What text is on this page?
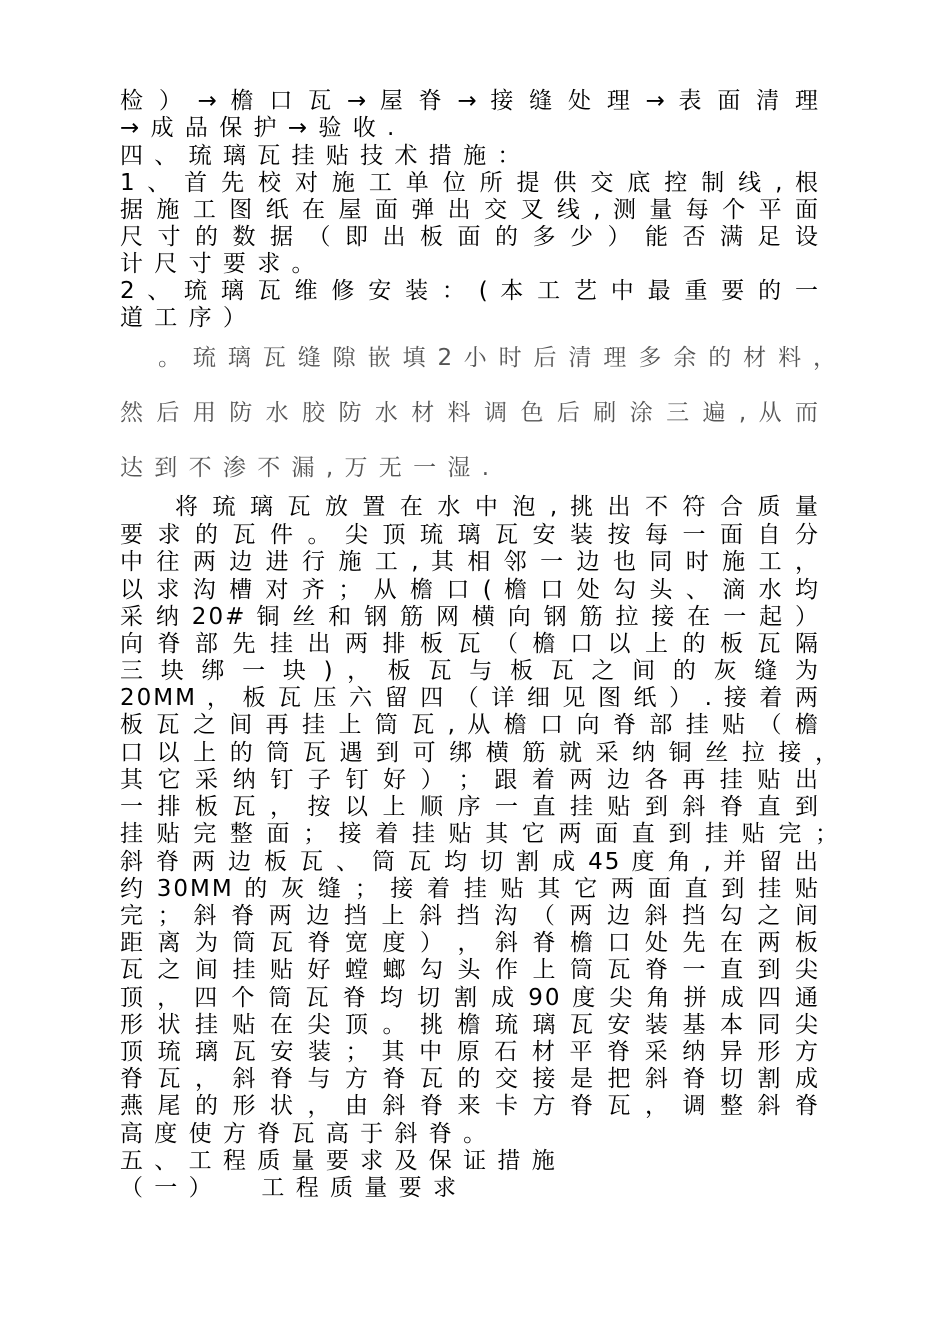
检 ） → 檐 口 瓦 → 屋 脊 → 接 缝 处 理 → 表 面 清 理
→ 成 品 保 护 → 验 收 .
四 、 琉 璃 瓦 挂 贴 技 术 措 施 ：
1 、 首 先 校 对 施 工 单 位 所 提 供 交 底 控 制 线 , 根
据 施 工 图 纸 在 屋 面 弹 出 交 叉 线 , 测 量 每 个 平 面
尺 寸 的 数 据 （ 即 出 板 面 的 多 少 ） 能 否 满 足 设
计 尺 寸 要 求 。
2 、 琉 璃 瓦 维 修 安 装 ： ( 本 工 艺 中 最 重 要 的 一
道 工 序 ）
。 琉 璃 瓦 缝 隙 嵌 填 2 小 时 后 清 理 多 余 的 材 料 ，
然 后 用 防 水 胶 防 水 材 料 调 色 后 刷 涂 三 遍 , 从 而
达 到 不 渗 不 漏 , 万 无 一 湿 .
将 琉 璃 瓦 放 置 在 水 中 泡 , 挑 出 不 符 合 质 量
要 求 的 瓦 件 。 尖 顶 琉 璃 瓦 安 装 按 每 一 面 自 分
中 往 两 边 进 行 施 工 , 其 相 邻 一 边 也 同 时 施 工 ，
以 求 沟 槽 对 齐 ； 从 檐 口 ( 檐 口 处 勾 头 、 滴 水 均
采 纳 20# 铜 丝 和 钢 筋 网 横 向 钢 筋 拉 接 在 一 起 ）
向 脊 部 先 挂 出 两 排 板 瓦 （ 檐 口 以 上 的 板 瓦 隔
三 块 绑 一 块 ) ， 板 瓦 与 板 瓦 之 间 的 灰 缝 为
20MM ， 板 瓦 压 六 留 四 （ 详 细 见 图 纸 ） . 接 着 两
板 瓦 之 间 再 挂 上 筒 瓦 , 从 檐 口 向 脊 部 挂 贴 （ 檐
口 以 上 的 筒 瓦 遇 到 可 绑 横 筋 就 采 纳 铜 丝 拉 接 ，
其 它 采 纳 钉 子 钉 好 ） ； 跟 着 两 边 各 再 挂 贴 出
一 排 板 瓦 ， 按 以 上 顺 序 一 直 挂 贴 到 斜 脊 直 到
挂 贴 完 整 面 ； 接 着 挂 贴 其 它 两 面 直 到 挂 贴 完 ；
斜 脊 两 边 板 瓦 、 筒 瓦 均 切 割 成 45 度 角 , 并 留 出
约 30MM 的 灰 缝 ； 接 着 挂 贴 其 它 两 面 直 到 挂 贴
完 ； 斜 脊 两 边 挡 上 斜 挡 沟 （ 两 边 斜 挡 勾 之 间
距 离 为 筒 瓦 脊 宽 度 ） ， 斜 脊 檐 口 处 先 在 两 板
瓦 之 间 挂 贴 好 螳 螂 勾 头 作 上 筒 瓦 脊 一 直 到 尖
顶 ， 四 个 筒 瓦 脊 均 切 割 成 90 度 尖 角 拼 成 四 通
形 状 挂 贴 在 尖 顶 。 挑 檐 琉 璃 瓦 安 装 基 本 同 尖
顶 琉 璃 瓦 安 装 ； 其 中 原 石 材 平 脊 采 纳 异 形 方
脊 瓦 ， 斜 脊 与 方 脊 瓦 的 交 接 是 把 斜 脊 切 割 成
燕 尾 的 形 状 ， 由 斜 脊 来 卡 方 脊 瓦 ， 调 整 斜 脊
高 度 使 方 脊 瓦 高 于 斜 脊 。
五 、 工 程 质 量 要 求 及 保 证 措 施
（ 一 ）　　 工 程 质 量 要 求
